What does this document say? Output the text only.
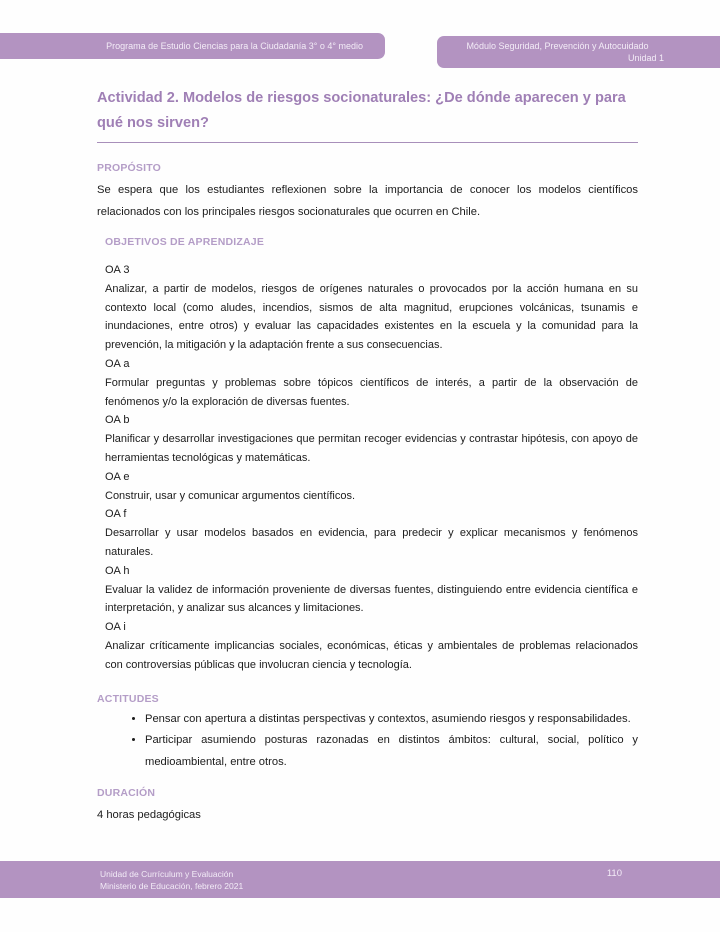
Programa de Estudio Ciencias para la Ciudadanía 3° o 4° medio	Módulo Seguridad, Prevención y Autocuidado
Unidad 1
Actividad 2. Modelos de riesgos socionaturales: ¿De dónde aparecen y para qué nos sirven?
PROPÓSITO

Se espera que los estudiantes reflexionen sobre la importancia de conocer los modelos científicos relacionados con los principales riesgos socionaturales que ocurren en Chile.

OBJETIVOS DE APRENDIZAJE

OA 3

Analizar, a partir de modelos, riesgos de orígenes naturales o provocados por la acción humana en su contexto local (como aludes, incendios, sismos de alta magnitud, erupciones volcánicas, tsunamis e inundaciones, entre otros) y evaluar las capacidades existentes en la escuela y la comunidad para la prevención, la mitigación y la adaptación frente a sus consecuencias.

OA a

Formular preguntas y problemas sobre tópicos científicos de interés, a partir de la observación de fenómenos y/o la exploración de diversas fuentes.

OA b

Planificar y desarrollar investigaciones que permitan recoger evidencias y contrastar hipótesis, con apoyo de herramientas tecnológicas y matemáticas.

OA e

Construir, usar y comunicar argumentos científicos.

OA f

Desarrollar y usar modelos basados en evidencia, para predecir y explicar mecanismos y fenómenos naturales.

OA h

Evaluar la validez de información proveniente de diversas fuentes, distinguiendo entre evidencia científica e interpretación, y analizar sus alcances y limitaciones.

OA i

Analizar críticamente implicancias sociales, económicas, éticas y ambientales de problemas relacionados con controversias públicas que involucran ciencia y tecnología.

ACTITUDES
• Pensar con apertura a distintas perspectivas y contextos, asumiendo riesgos y responsabilidades.
• Participar asumiendo posturas razonadas en distintos ámbitos: cultural, social, político y medioambiental, entre otros.
DURACIÓN

4 horas pedagógicas

Unidad de Currículum y Evaluación
Ministerio de Educación, febrero 2021
110
